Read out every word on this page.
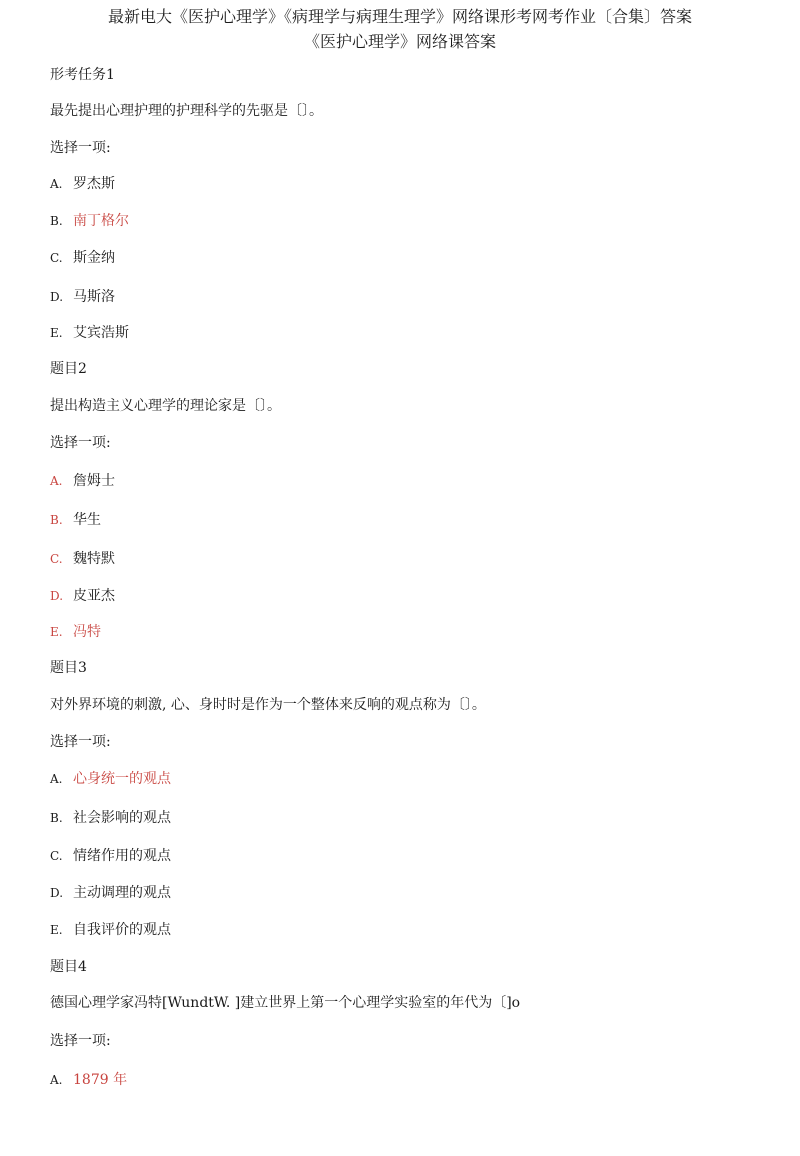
最新电大《医护心理学》《病理学与病理生理学》网络课形考网考作业〔合集〕答案
《医护心理学》网络课答案
形考任务1
最先提出心理护理的护理科学的先驱是〔〕。
选择一项:
A. 罗杰斯
B. 南丁格尔
C. 斯金纳
D. 马斯洛
E. 艾宾浩斯
题目2
提出构造主义心理学的理论家是〔〕。
选择一项:
A. 詹姆士
B. 华生
C. 魏特默
D. 皮亚杰
E. 冯特
题目3
对外界环境的刺激, 心、身时时是作为一个整体来反响的观点称为〔〕。
选择一项:
A. 心身统一的观点
B. 社会影响的观点
C. 情绪作用的观点
D. 主动调理的观点
E. 自我评价的观点
题目4
德国心理学家冯特[WundtW. ]建立世界上第一个心理学实验室的年代为〔]o
选择一项:
A. 1879 年
